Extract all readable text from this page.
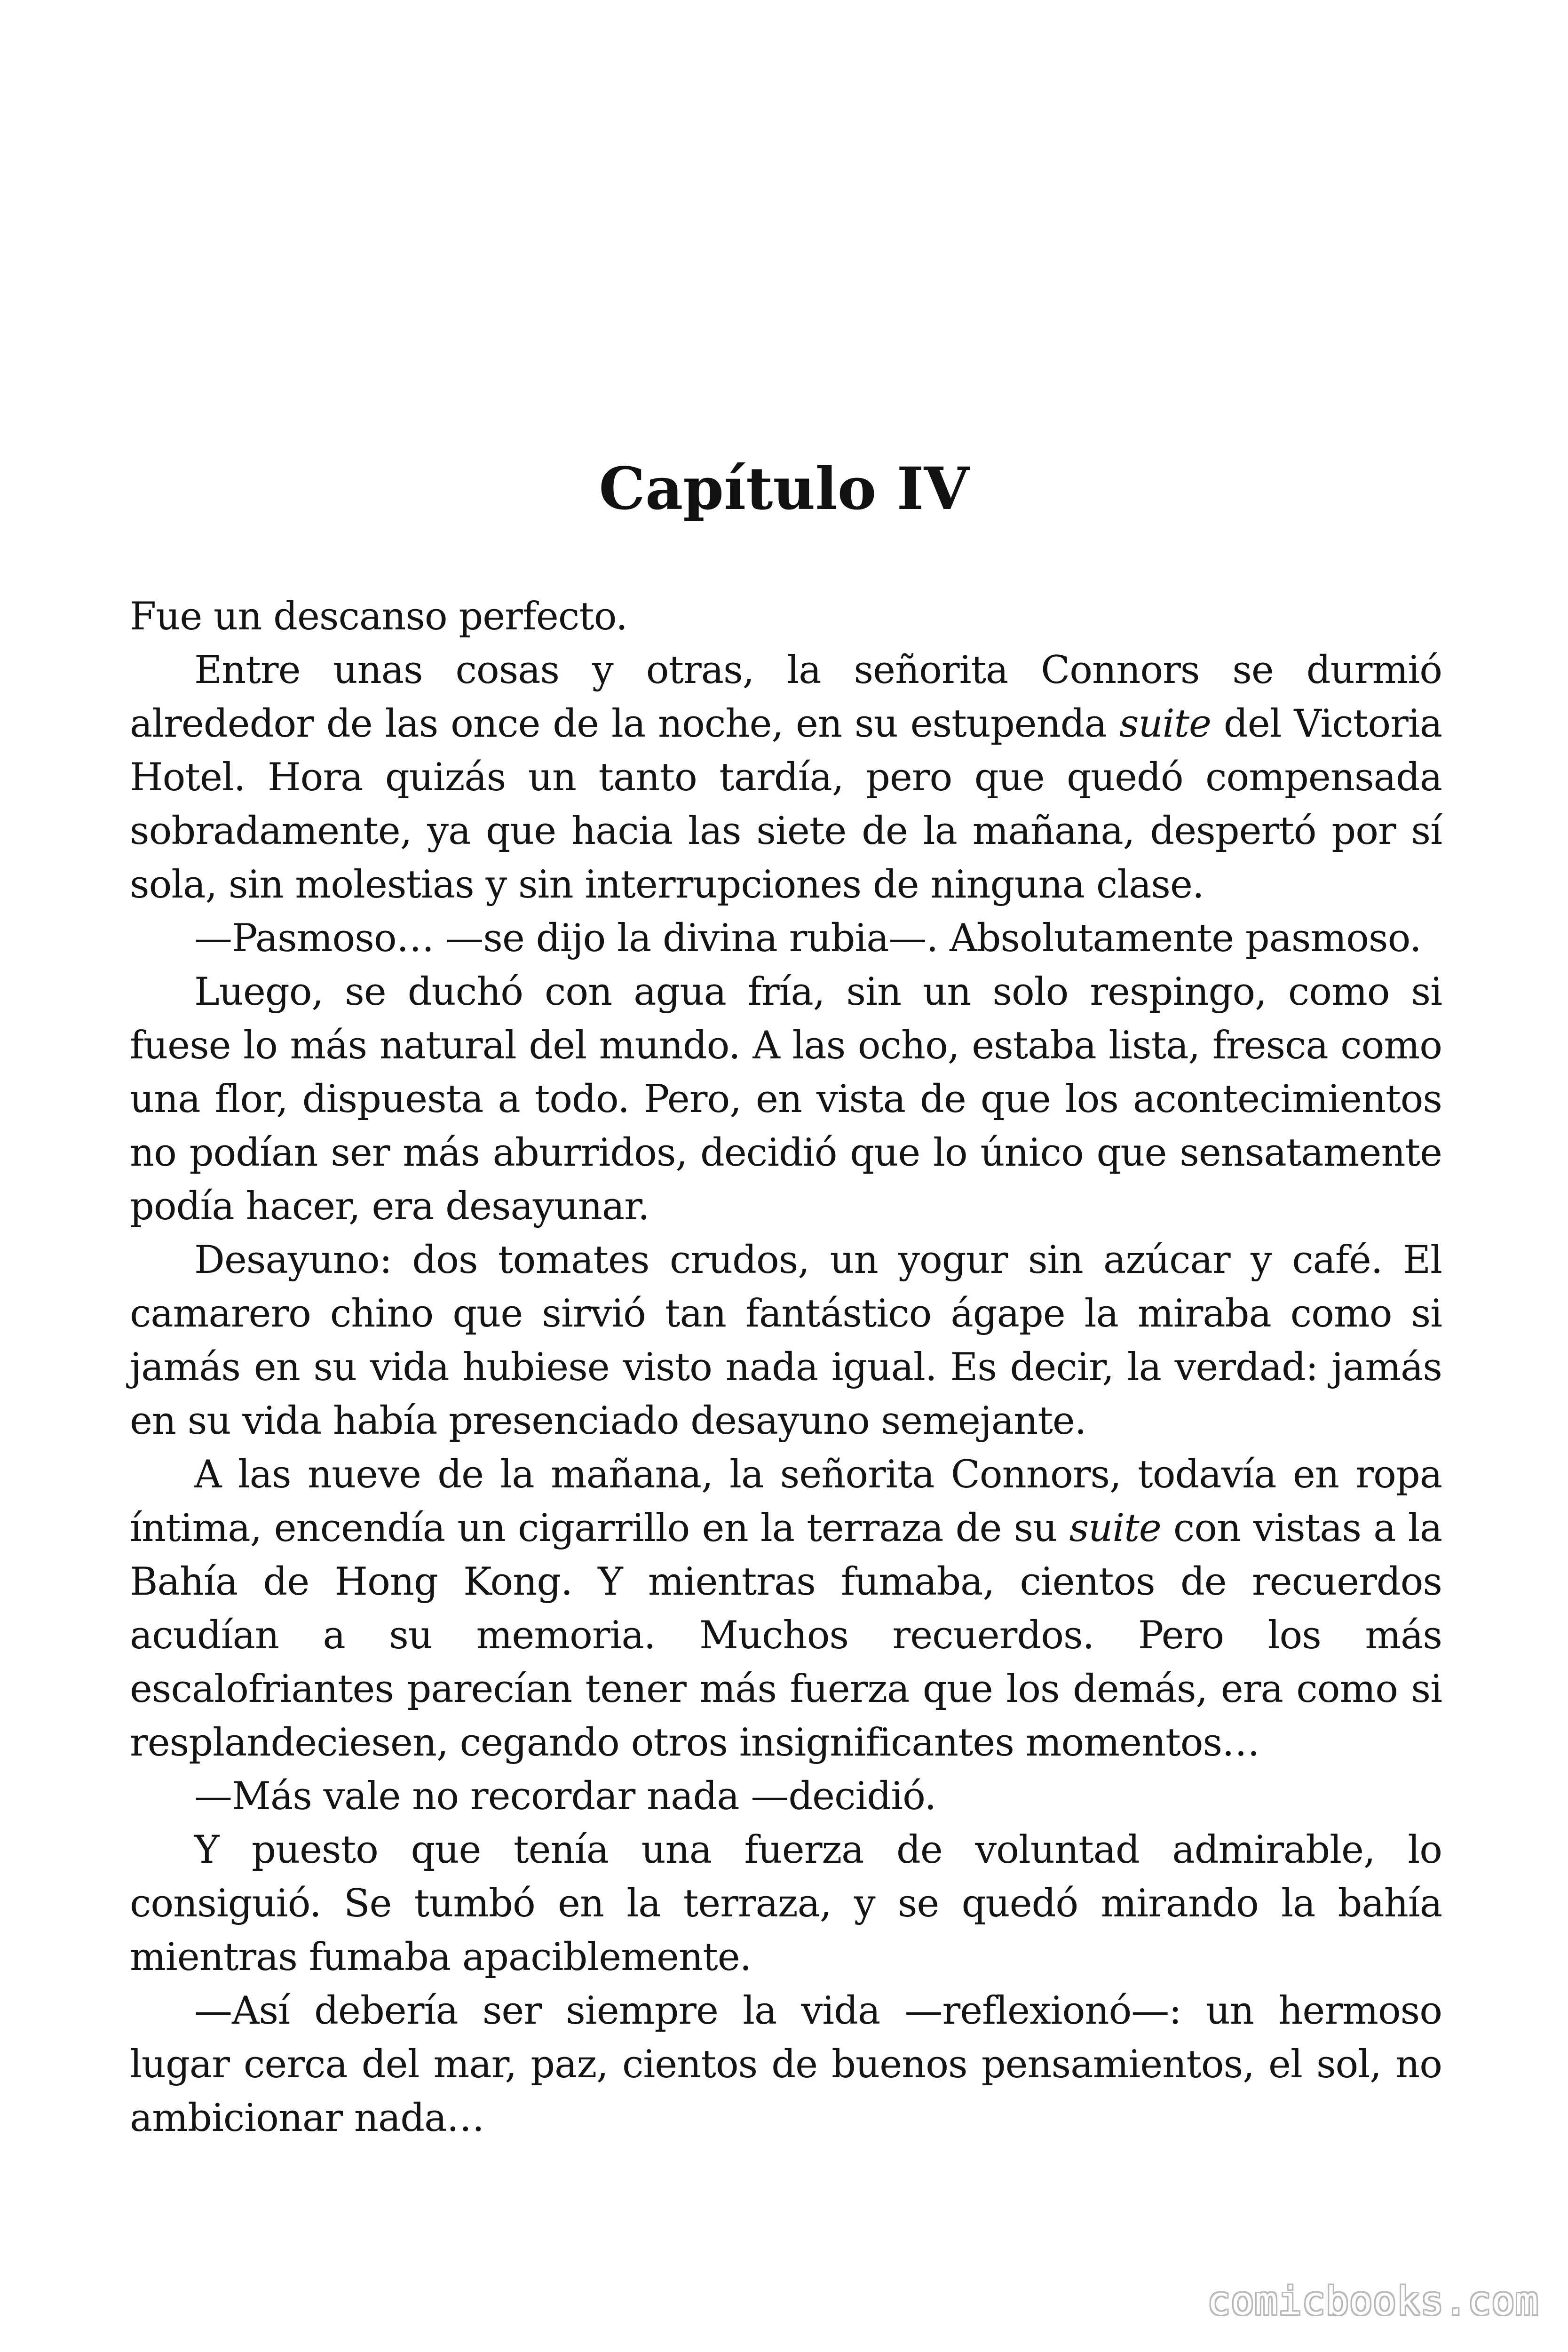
Capítulo IV

Fue un descanso perfecto.

Entre unas cosas y otras, la señorita Connors se durmió alrededor de las once de la noche, en su estupenda suite del Victoria Hotel. Hora quizás un tanto tardía, pero que quedó compensada sobradamente, ya que hacia las siete de la mañana, despertó por sí sola, sin molestias y sin interrupciones de ninguna clase.

—Pasmoso… —se dijo la divina rubia—. Absolutamente pasmoso.

Luego, se duchó con agua fría, sin un solo respingo, como si fuese lo más natural del mundo. A las ocho, estaba lista, fresca como una flor, dispuesta a todo. Pero, en vista de que los acontecimientos no podían ser más aburridos, decidió que lo único que sensatamente podía hacer, era desayunar.

Desayuno: dos tomates crudos, un yogur sin azúcar y café. El camarero chino que sirvió tan fantástico ágape la miraba como si jamás en su vida hubiese visto nada igual. Es decir, la verdad: jamás en su vida había presenciado desayuno semejante.

A las nueve de la mañana, la señorita Connors, todavía en ropa íntima, encendía un cigarrillo en la terraza de su suite con vistas a la Bahía de Hong Kong. Y mientras fumaba, cientos de recuerdos acudían a su memoria. Muchos recuerdos. Pero los más escalofriantes parecían tener más fuerza que los demás, era como si resplandeciesen, cegando otros insignificantes momentos…

—Más vale no recordar nada —decidió.

Y puesto que tenía una fuerza de voluntad admirable, lo consiguió. Se tumbó en la terraza, y se quedó mirando la bahía mientras fumaba apaciblemente.

—Así debería ser siempre la vida —reflexionó—: un hermoso lugar cerca del mar, paz, cientos de buenos pensamientos, el sol, no ambicionar nada…

comicbooks.com
